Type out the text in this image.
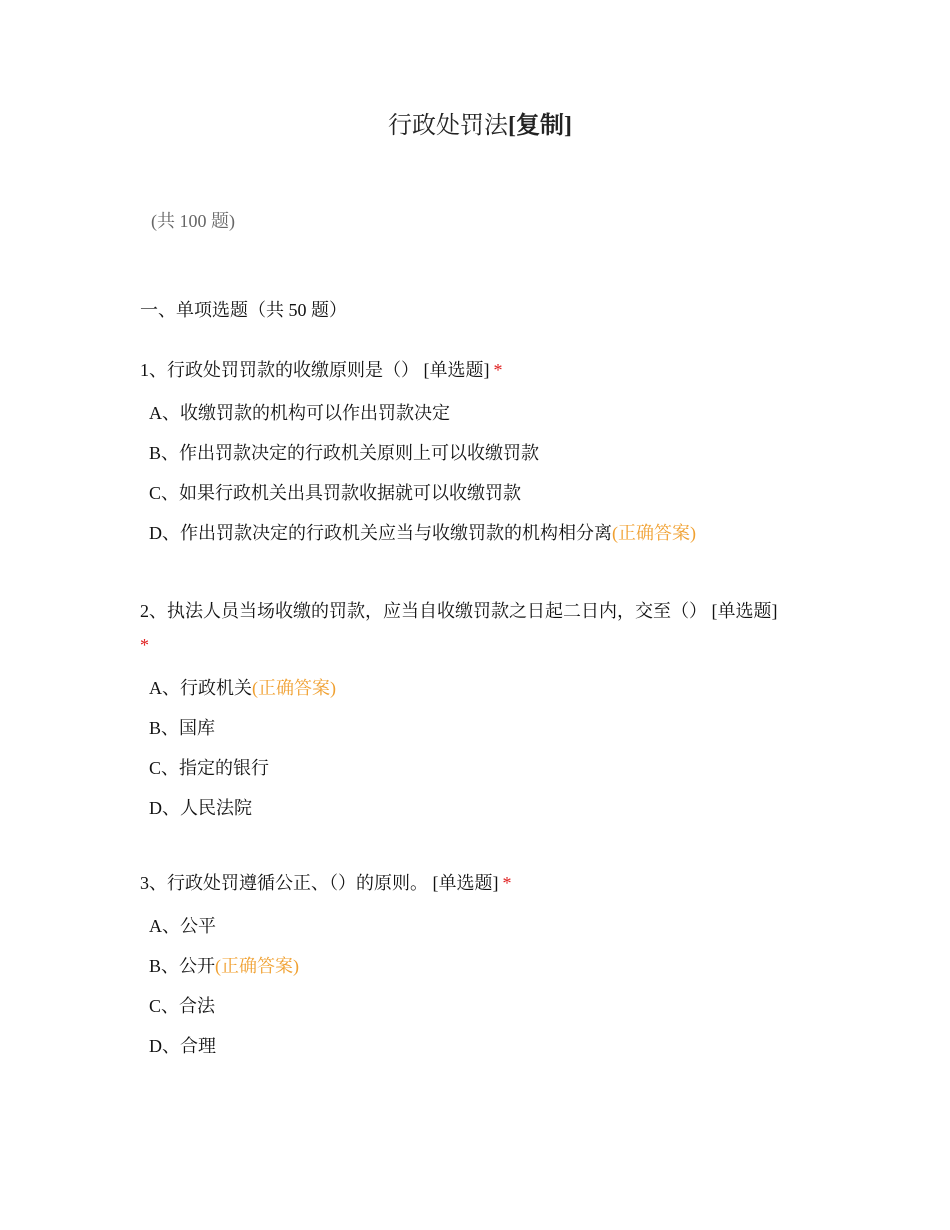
行政处罚法[复制]
(共 100 题)
一、单项选题（共 50 题）
1、行政处罚罚款的收缴原则是（） [单选题] *
A、收缴罚款的机构可以作出罚款决定
B、作出罚款决定的行政机关原则上可以收缴罚款
C、如果行政机关出具罚款收据就可以收缴罚款
D、作出罚款决定的行政机关应当与收缴罚款的机构相分离(正确答案)
2、执法人员当场收缴的罚款，应当自收缴罚款之日起二日内，交至（） [单选题]
*
A、行政机关(正确答案)
B、国库
C、指定的银行
D、人民法院
3、行政处罚遵循公正、（）的原则。 [单选题] *
A、公平
B、公开(正确答案)
C、合法
D、合理
